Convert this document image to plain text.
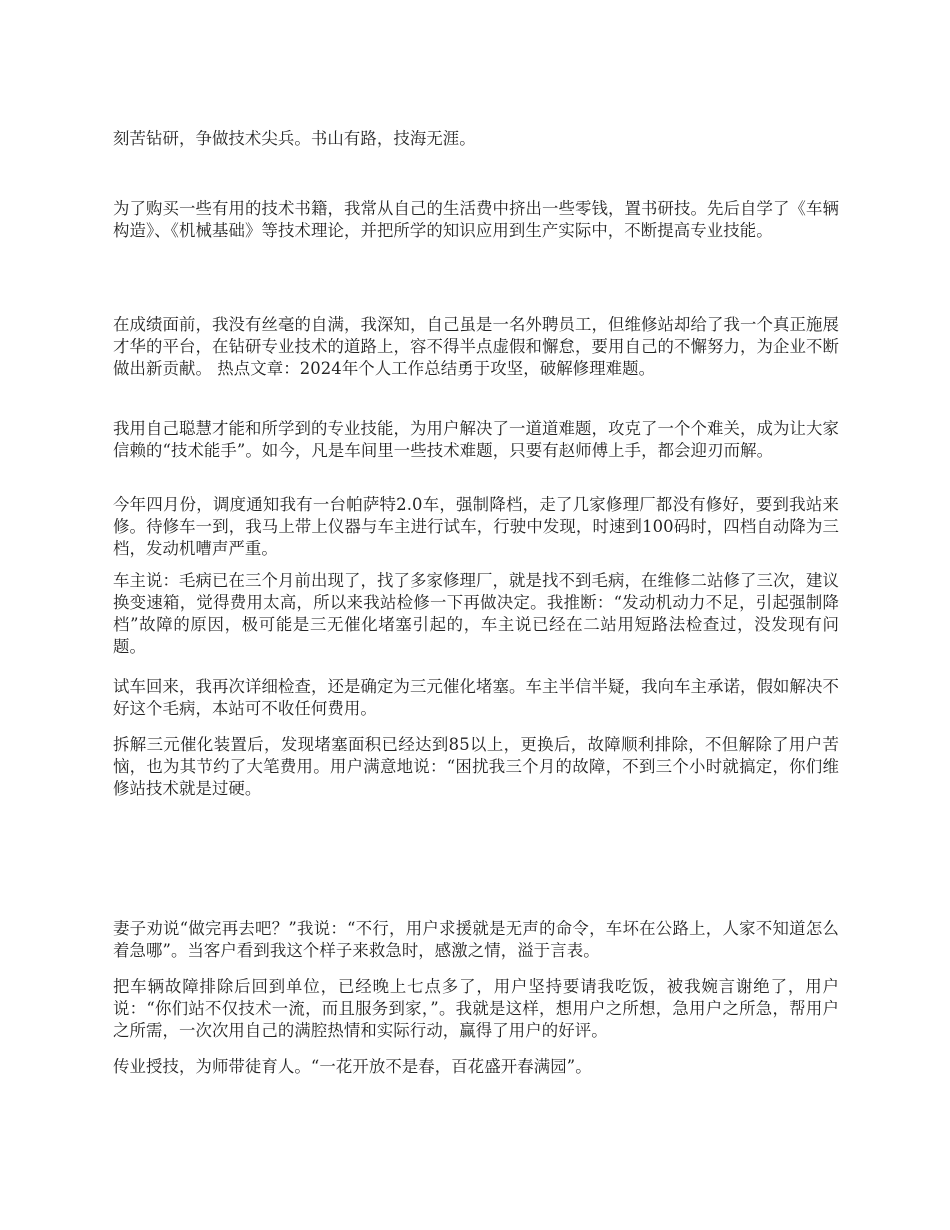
刻苦钻研，争做技术尖兵。书山有路，技海无涯。

为了购买一些有用的技术书籍，我常从自己的生活费中挤出一些零钱，置书研技。先后自学了《车辆构造》、《机械基础》等技术理论，并把所学的知识应用到生产实际中，不断提高专业技能。

在成绩面前，我没有丝毫的自满，我深知，自己虽是一名外聘员工，但维修站却给了我一个真正施展才华的平台，在钻研专业技术的道路上，容不得半点虚假和懈怠，要用自己的不懈努力，为企业不断做出新贡献。 热点文章：2024年个人工作总结勇于攻坚，破解修理难题。

我用自己聪慧才能和所学到的专业技能，为用户解决了一道道难题，攻克了一个个难关，成为让大家信赖的“技术能手”。如今，凡是车间里一些技术难题，只要有赵师傅上手，都会迎刃而解。

今年四月份，调度通知我有一台帕萨特2.0车，强制降档，走了几家修理厂都没有修好，要到我站来修。待修车一到，我马上带上仪器与车主进行试车，行驶中发现，时速到100码时，四档自动降为三档，发动机嘈声严重。

车主说：毛病已在三个月前出现了，找了多家修理厂，就是找不到毛病，在维修二站修了三次，建议换变速箱，觉得费用太高，所以来我站检修一下再做决定。我推断：“发动机动力不足，引起强制降档”故障的原因，极可能是三无催化堵塞引起的，车主说已经在二站用短路法检查过，没发现有问题。

试车回来，我再次详细检查，还是确定为三元催化堵塞。车主半信半疑，我向车主承诺，假如解决不好这个毛病，本站可不收任何费用。

拆解三元催化装置后，发现堵塞面积已经达到85以上，更换后，故障顺利排除，不但解除了用户苦恼，也为其节约了大笔费用。用户满意地说：“困扰我三个月的故障，不到三个小时就搞定，你们维修站技术就是过硬。

妻子劝说“做完再去吧？”我说：“不行，用户求援就是无声的命令，车坏在公路上，人家不知道怎么着急哪”。当客户看到我这个样子来救急时，感激之情，溢于言表。

把车辆故障排除后回到单位，已经晚上七点多了，用户坚持要请我吃饭，被我婉言谢绝了，用户说：“你们站不仅技术一流，而且服务到家，”。我就是这样，想用户之所想，急用户之所急，帮用户之所需，一次次用自己的满腔热情和实际行动，赢得了用户的好评。

传业授技，为师带徒育人。“一花开放不是春，百花盛开春满园”。
